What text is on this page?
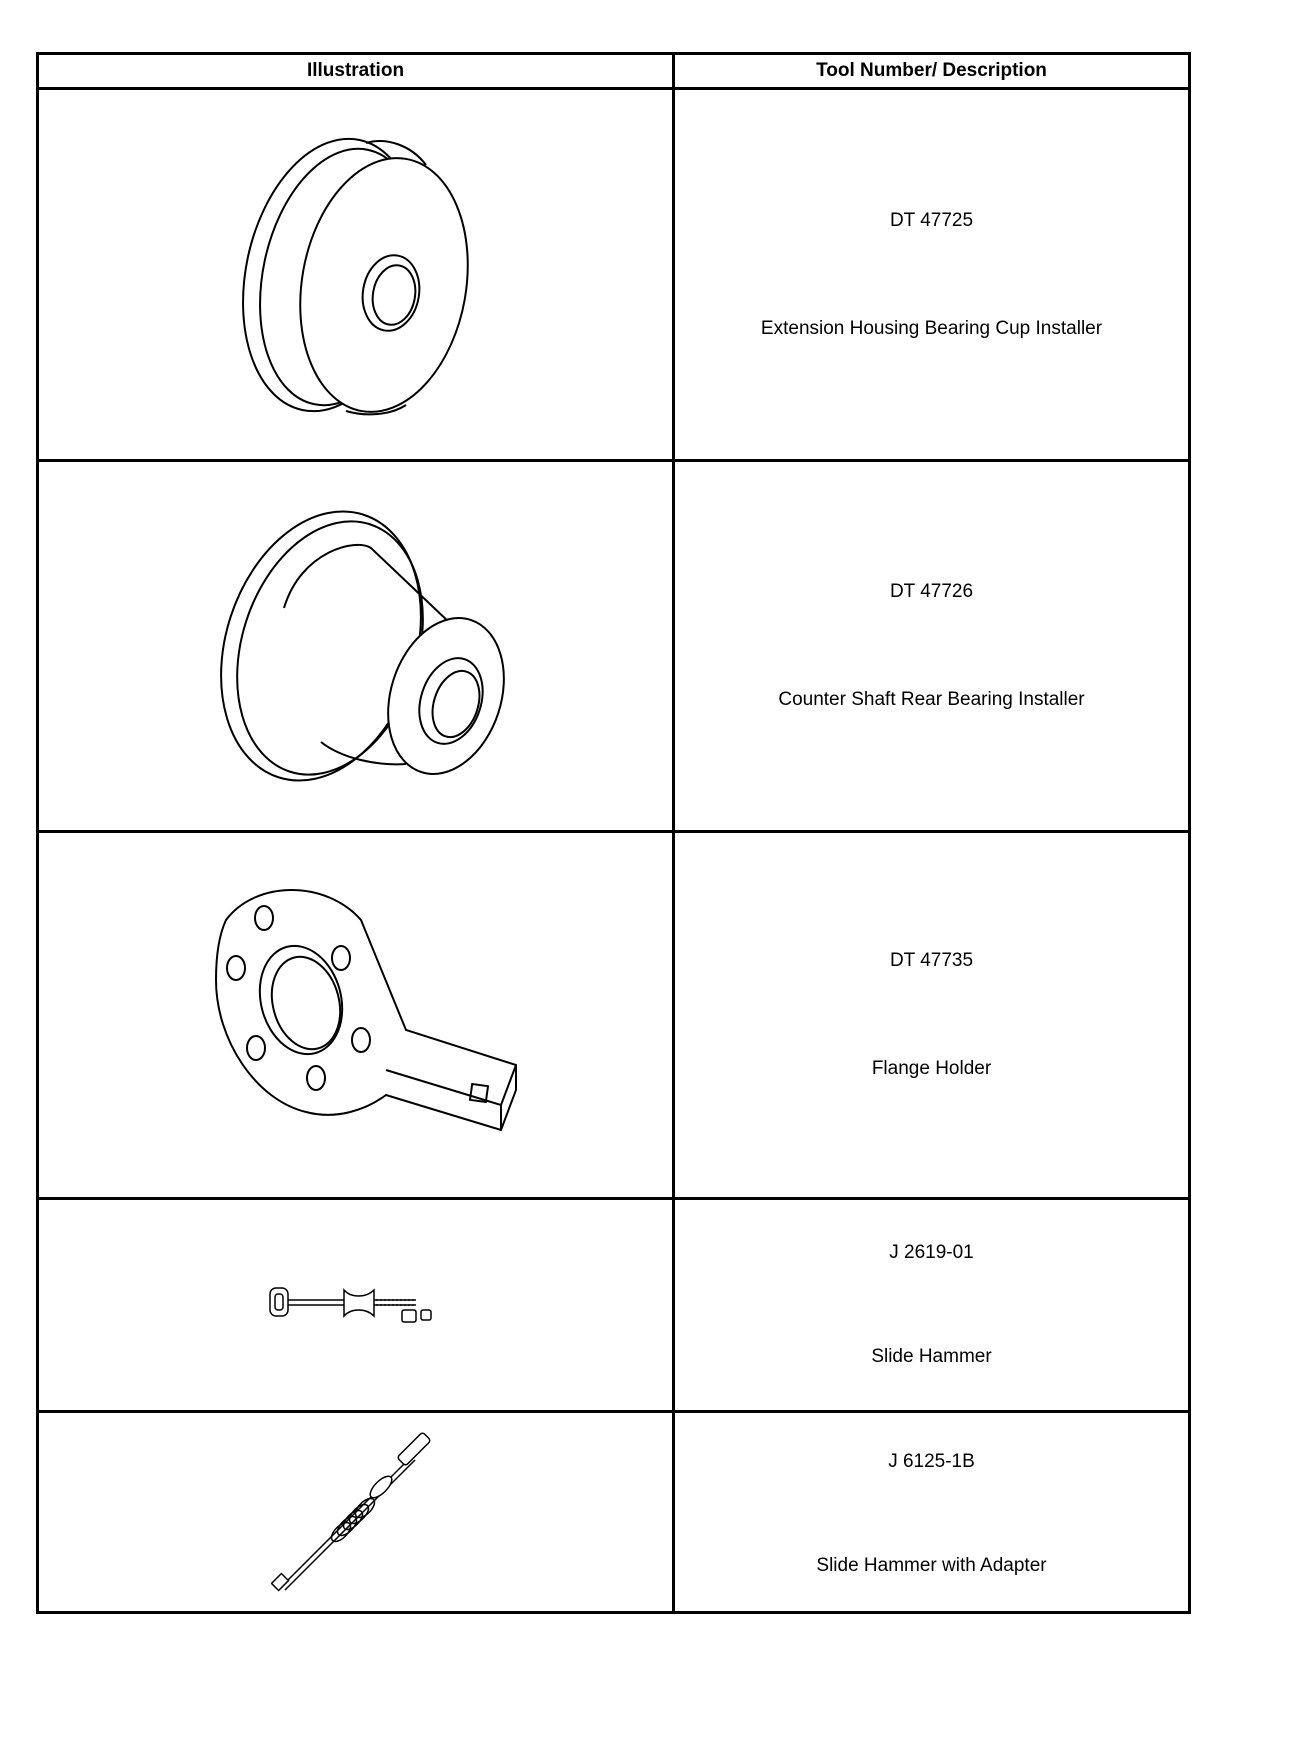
Illustration	Tool Number/ Description

DT 47725
Extension Housing Bearing Cup Installer

DT 47726
Counter Shaft Rear Bearing Installer

DT 47735
Flange Holder

J 2619-01
Slide Hammer

J 6125-1B
Slide Hammer with Adapter
